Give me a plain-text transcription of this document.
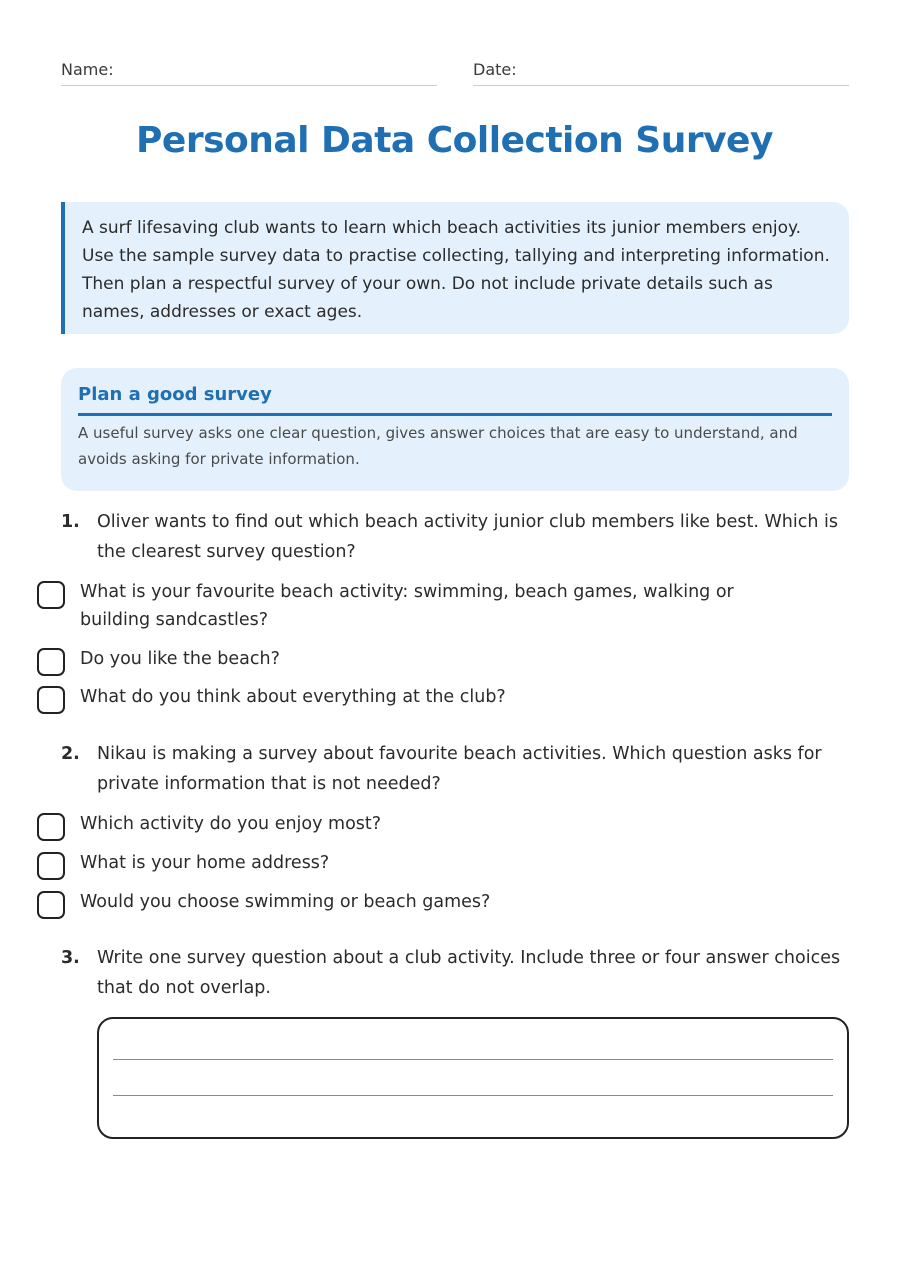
Name:	Date:
Personal Data Collection Survey
A surf lifesaving club wants to learn which beach activities its junior members enjoy. Use the sample survey data to practise collecting, tallying and interpreting information. Then plan a respectful survey of your own. Do not include private details such as names, addresses or exact ages.
Plan a good survey
A useful survey asks one clear question, gives answer choices that are easy to understand, and avoids asking for private information.
1. Oliver wants to find out which beach activity junior club members like best. Which is the clearest survey question?
What is your favourite beach activity: swimming, beach games, walking or building sandcastles?
Do you like the beach?
What do you think about everything at the club?
2. Nikau is making a survey about favourite beach activities. Which question asks for private information that is not needed?
Which activity do you enjoy most?
What is your home address?
Would you choose swimming or beach games?
3. Write one survey question about a club activity. Include three or four answer choices that do not overlap.
